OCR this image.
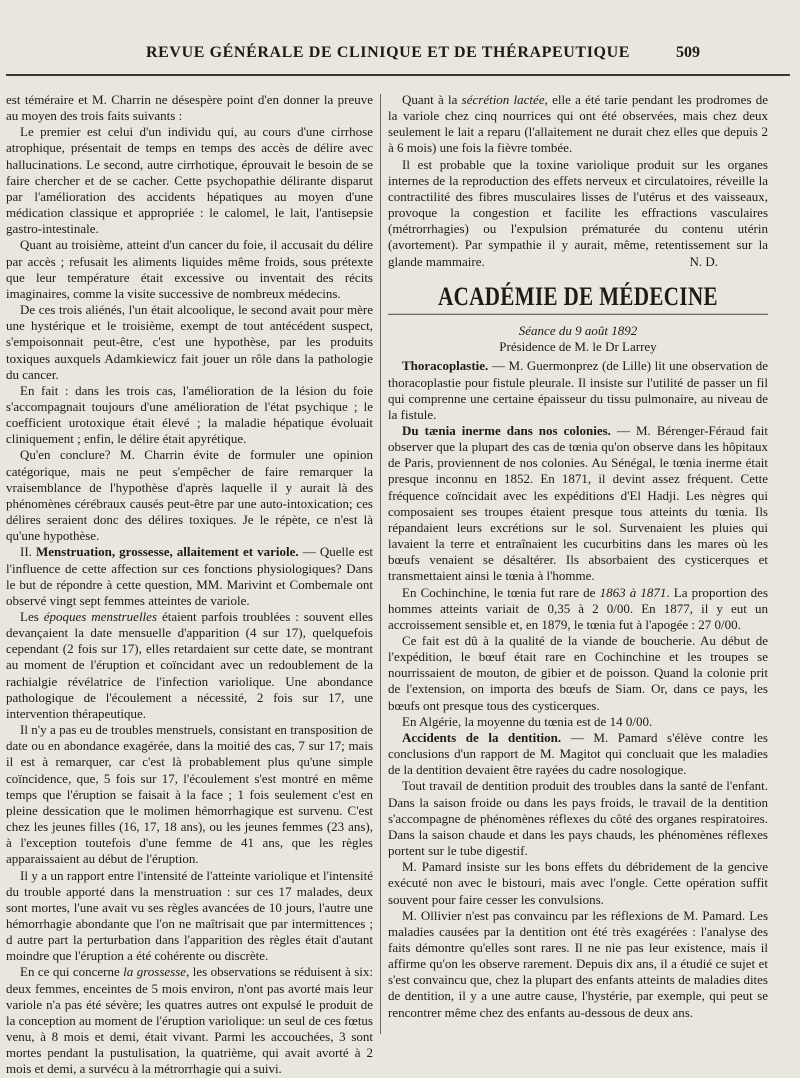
REVUE GÉNÉRALE DE CLINIQUE ET DE THÉRAPEUTIQUE	509

est téméraire et M. Charrin ne désespère point d'en donner la preuve au moyen des trois faits suivants :

Le premier est celui d'un individu qui, au cours d'une cirrhose atrophique, présentait de temps en temps des accès de délire avec hallucinations. Le second, autre cirrhotique, éprouvait le besoin de se faire chercher et de se cacher. Cette psychopathie délirante disparut par l'amélioration des accidents hépatiques au moyen d'une médication classique et appropriée : le calomel, le lait, l'antisepsie gastro-intestinale.

Quant au troisième, atteint d'un cancer du foie, il accusait du délire par accès ; refusait les aliments liquides même froids, sous prétexte que leur température était excessive ou inventait des récits imaginaires, comme la visite successive de nombreux médecins.

De ces trois aliénés, l'un était alcoolique, le second avait pour mère une hystérique et le troisième, exempt de tout antécédent suspect, s'empoisonnait peut-être, c'est une hypothèse, par les produits toxiques auxquels Adamkiewicz fait jouer un rôle dans la pathologie du cancer.

En fait : dans les trois cas, l'amélioration de la lésion du foie s'accompagnait toujours d'une amélioration de l'état psychique ; le coefficient urotoxique était élevé ; la maladie hépatique évoluait cliniquement ; enfin, le délire était apyrétique.

Qu'en conclure? M. Charrin évite de formuler une opinion catégorique, mais ne peut s'empêcher de faire remarquer la vraisemblance de l'hypothèse d'après laquelle il y aurait là des phénomènes cérébraux causés peut-être par une auto-intoxication; ces délires seraient donc des délires toxiques. Je le répète, ce n'est là qu'une hypothèse.

II. Menstruation, grossesse, allaitement et variole. — Quelle est l'influence de cette affection sur ces fonctions physiologiques? Dans le but de répondre à cette question, MM. Marivint et Combemale ont observé vingt sept femmes atteintes de variole.

Les époques menstruelles étaient parfois troublées : souvent elles devançaient la date mensuelle d'apparition (4 sur 17), quelquefois cependant (2 fois sur 17), elles retardaient sur cette date, se montrant au moment de l'éruption et coïncidant avec un redoublement de la rachialgie révélatrice de l'infection variolique. Une abondance pathologique de l'écoulement a nécessité, 2 fois sur 17, une intervention thérapeutique.

Il n'y a pas eu de troubles menstruels, consistant en transposition de date ou en abondance exagérée, dans la moitié des cas, 7 sur 17; mais il est à remarquer, car c'est là probablement plus qu'une simple coïncidence, que, 5 fois sur 17, l'écoulement s'est montré en même temps que l'éruption se faisait à la face ; 1 fois seulement c'est en pleine dessication que le molimen hémorrhagique est survenu. C'est chez les jeunes filles (16, 17, 18 ans), ou les jeunes femmes (23 ans), à l'exception toutefois d'une femme de 41 ans, que les règles apparaissaient au début de l'éruption.

Il y a un rapport entre l'intensité de l'atteinte variolique et l'intensité du trouble apporté dans la menstruation : sur ces 17 malades, deux sont mortes, l'une avait vu ses règles avancées de 10 jours, l'autre une hémorrhagie abondante que l'on ne maîtrisait que par intermittences ; d autre part la perturbation dans l'apparition des règles était d'autant moindre que l'éruption a été cohérente ou discrète.

En ce qui concerne la grossesse, les observations se réduisent à six: deux femmes, enceintes de 5 mois environ, n'ont pas avorté mais leur variole n'a pas été sévère; les quatres autres ont expulsé le produit de la conception au moment de l'éruption variolique: un seul de ces fœtus venu, à 8 mois et demi, était vivant. Parmi les accouchées, 3 sont mortes pendant la pustulisation, la quatrième, qui avait avorté à 2 mois et demi, a survécu à la métrorrhagie qui a suivi.

Quant à la sécrétion lactée, elle a été tarie pendant les prodromes de la variole chez cinq nourrices qui ont été observées, mais chez deux seulement le lait a reparu (l'allaitement ne durait chez elles que depuis 2 à 6 mois) une fois la fièvre tombée.

Il est probable que la toxine variolique produit sur les organes internes de la reproduction des effets nerveux et circulatoires, réveille la contractilité des fibres musculaires lisses de l'utérus et des vaisseaux, provoque la congestion et facilite les effractions vasculaires (métrorrhagies) ou l'expulsion prématurée du contenu utérin (avortement). Par sympathie il y aurait, même, retentissement sur la glande mammaire.	N. D.

ACADÉMIE DE MÉDECINE

Séance du 9 août 1892

Présidence de M. le Dr Larrey

Thoracoplastie. — M. Guermonprez (de Lille) lit une observation de thoracoplastie pour fistule pleurale. Il insiste sur l'utilité de passer un fil qui comprenne une certaine épaisseur du tissu pulmonaire, au niveau de la fistule.

Du tænia inerme dans nos colonies. — M. Bérenger-Féraud fait observer que la plupart des cas de tœnia qu'on observe dans les hôpitaux de Paris, proviennent de nos colonies. Au Sénégal, le tœnia inerme était presque inconnu en 1852. En 1871, il devint assez fréquent. Cette fréquence coïncidait avec les expéditions d'El Hadji. Les nègres qui composaient ses troupes étaient presque tous atteints du tœnia. Ils répandaient leurs excrétions sur le sol. Survenaient les pluies qui lavaient la terre et entraînaient les cucurbitins dans les mares où les bœufs venaient se désaltérer. Ils absorbaient des cysticerques et transmettaient ainsi le tœnia à l'homme.

En Cochinchine, le tœnia fut rare de 1863 à 1871. La proportion des hommes atteints variait de 0,35 à 2 0/00. En 1877, il y eut un accroissement sensible et, en 1879, le tœnia fut à l'apogée : 27 0/00.

Ce fait est dû à la qualité de la viande de boucherie. Au début de l'expédition, le bœuf était rare en Cochinchine et les troupes se nourrissaient de mouton, de gibier et de poisson. Quand la colonie prit de l'extension, on importa des bœufs de Siam. Or, dans ce pays, les bœufs ont presque tous des cysticerques.

En Algérie, la moyenne du tœnia est de 14 0/00.

Accidents de la dentition. — M. Pamard s'élève contre les conclusions d'un rapport de M. Magitot qui concluait que les maladies de la dentition devaient être rayées du cadre nosologique.

Tout travail de dentition produit des troubles dans la santé de l'enfant. Dans la saison froide ou dans les pays froids, le travail de la dentition s'accompagne de phénomènes réflexes du côté des organes respiratoires. Dans la saison chaude et dans les pays chauds, les phénomènes réflexes portent sur le tube digestif.

M. Pamard insiste sur les bons effets du débridement de la gencive exécuté non avec le bistouri, mais avec l'ongle. Cette opération suffit souvent pour faire cesser les convulsions.

M. Ollivier n'est pas convaincu par les réflexions de M. Pamard. Les maladies causées par la dentition ont été très exagérées : l'analyse des faits démontre qu'elles sont rares. Il ne nie pas leur existence, mais il affirme qu'on les observe rarement. Depuis dix ans, il a étudié ce sujet et s'est convaincu que, chez la plupart des enfants atteints de maladies dites de dentition, il y a une autre cause, l'hystérie, par exemple, qui peut se rencontrer même chez des enfants au-dessous de deux ans.
